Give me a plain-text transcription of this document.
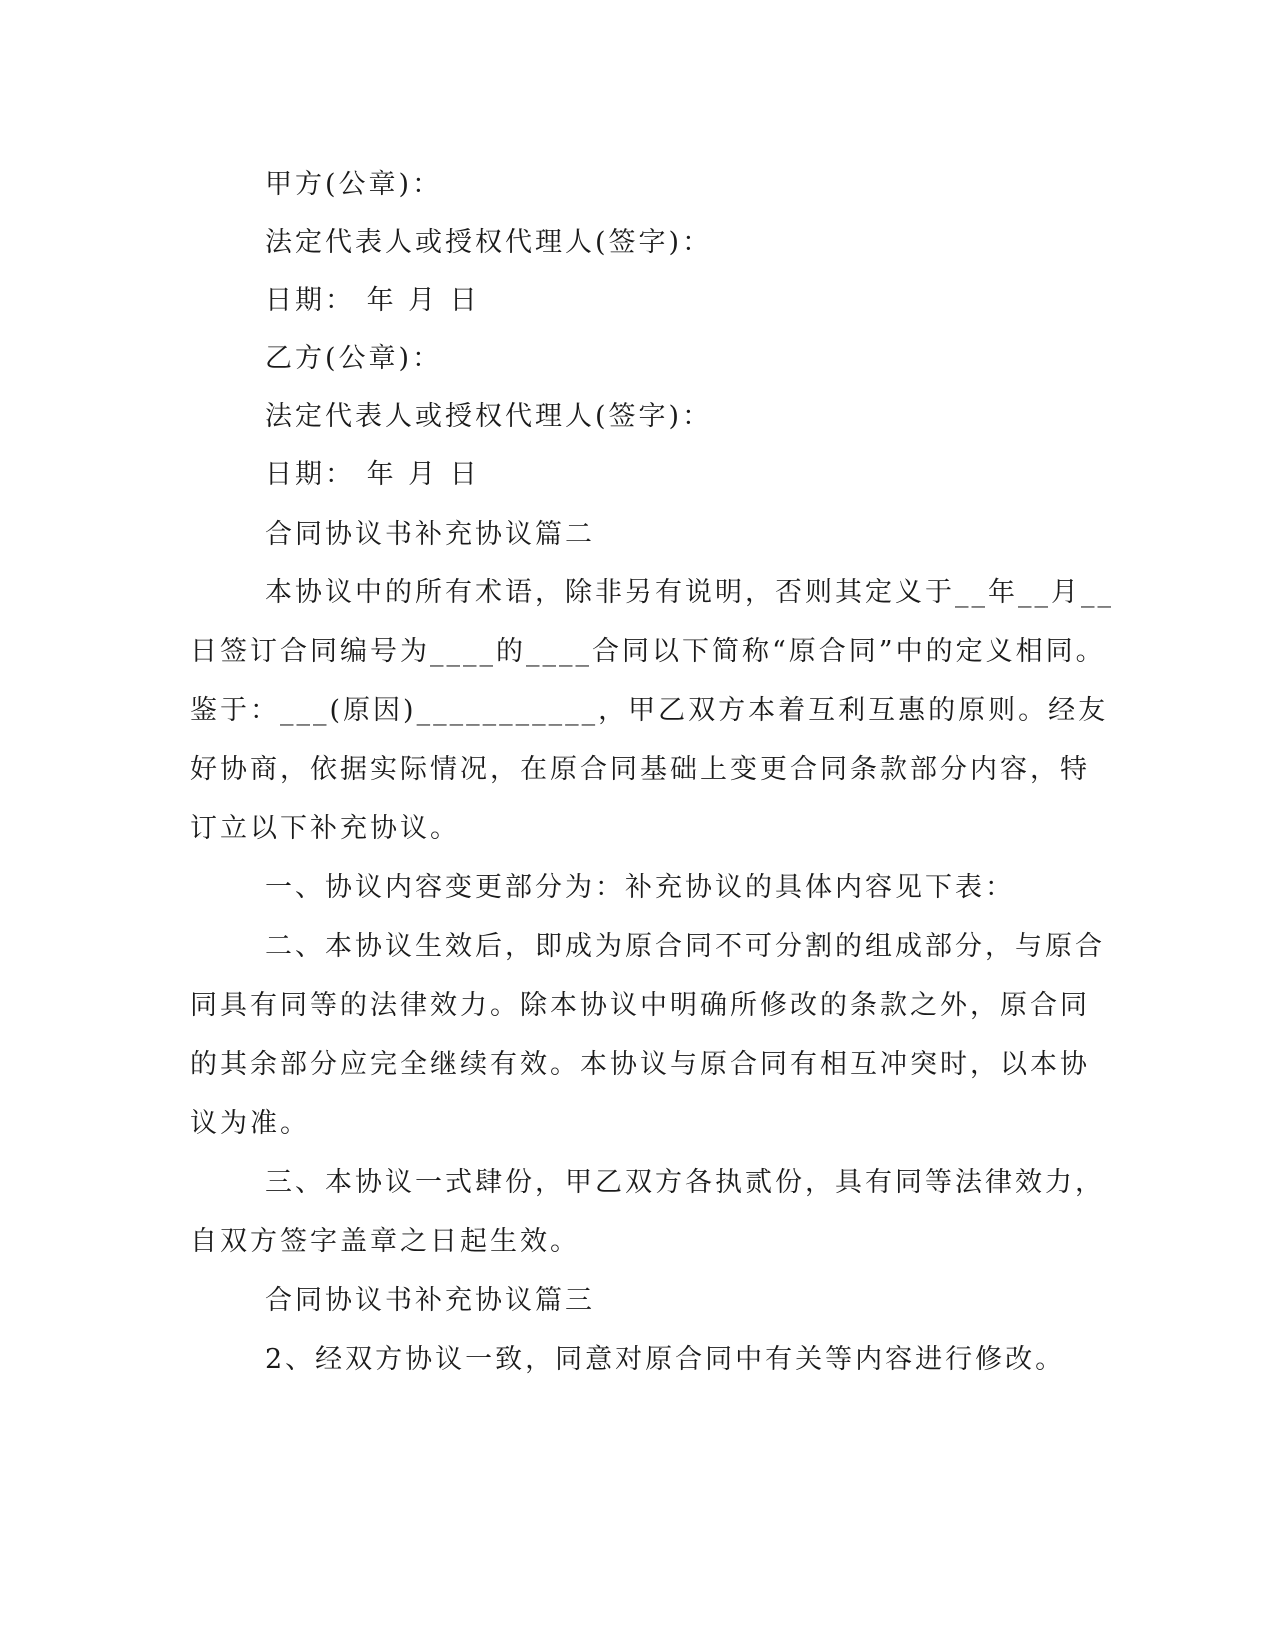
甲方(公章)：

法定代表人或授权代理人(签字)：

日期： 年 月 日

乙方(公章)：

法定代表人或授权代理人(签字)：

日期： 年 月 日

合同协议书补充协议篇二

本协议中的所有术语，除非另有说明，否则其定义于__年__月__

日签订合同编号为____的____合同以下简称“原合同”中的定义相同。

鉴于：___(原因)___________，甲乙双方本着互利互惠的原则。经友

好协商，依据实际情况，在原合同基础上变更合同条款部分内容，特

订立以下补充协议。

一、协议内容变更部分为：补充协议的具体内容见下表：

二、本协议生效后，即成为原合同不可分割的组成部分，与原合

同具有同等的法律效力。除本协议中明确所修改的条款之外，原合同

的其余部分应完全继续有效。本协议与原合同有相互冲突时，以本协

议为准。

三、本协议一式肆份，甲乙双方各执贰份，具有同等法律效力，

自双方签字盖章之日起生效。

合同协议书补充协议篇三

2、经双方协议一致，同意对原合同中有关等内容进行修改。
